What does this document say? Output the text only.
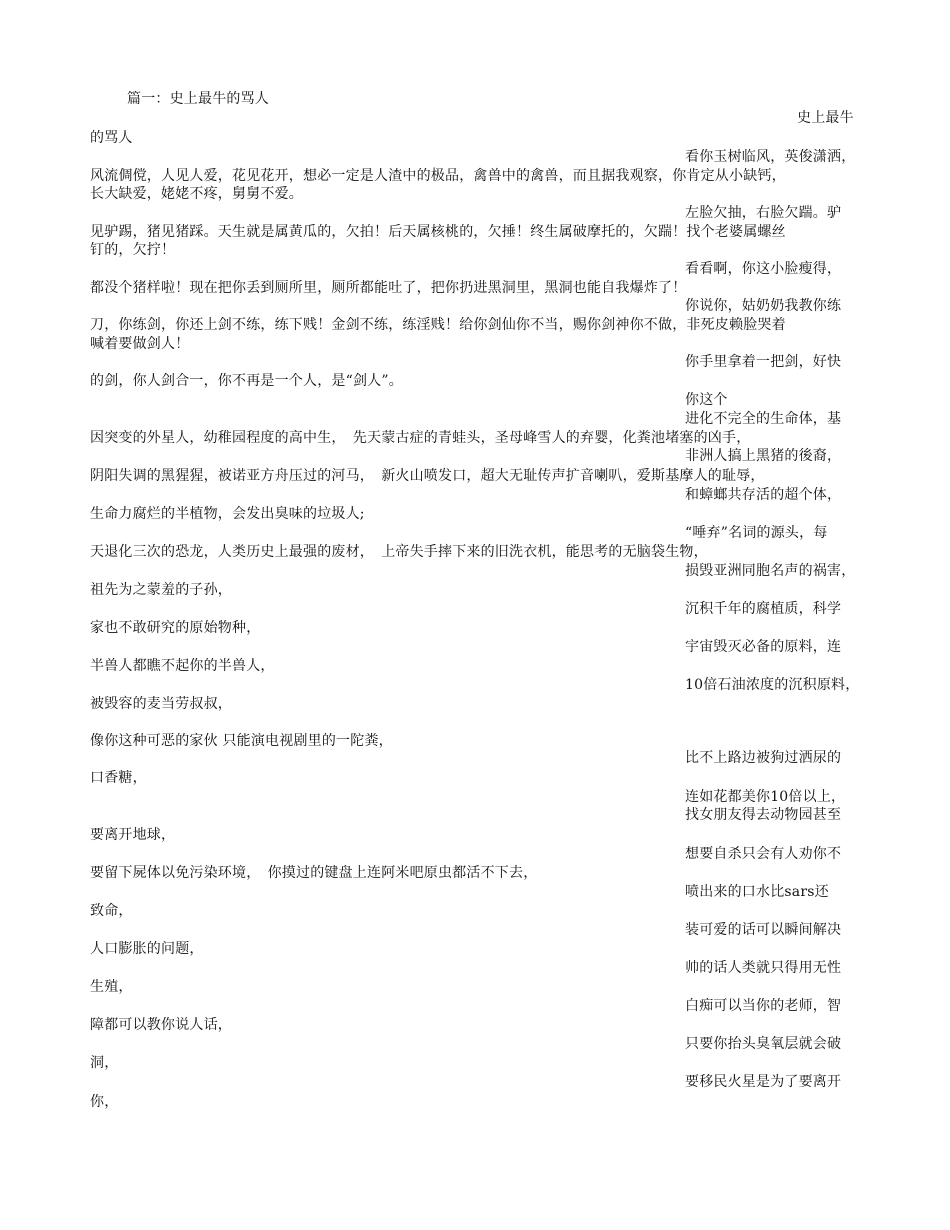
篇一：史上最牛的骂人
史上最牛
的骂人
看你玉树临风，英俊潇洒，
风流倜傥，人见人爱，花见花开，想必一定是人渣中的极品，禽兽中的禽兽，而且据我观察，你肯定从小缺钙，
长大缺爱，姥姥不疼，舅舅不爱。
左脸欠抽，右脸欠踹。驴
见驴踢，猪见猪踩。天生就是属黄瓜的，欠拍！后天属核桃的，欠捶！终生属破摩托的，欠踹！找个老婆属螺丝
钉的，欠拧！
看看啊，你这小脸瘦得，
都没个猪样啦！现在把你丢到厕所里，厕所都能吐了，把你扔进黑洞里，黑洞也能自我爆炸了！
你说你，姑奶奶我教你练
刀，你练剑，你还上剑不练，练下贱！金剑不练，练淫贱！给你剑仙你不当，赐你剑神你不做，非死皮赖脸哭着
喊着要做剑人！
你手里拿着一把剑，好快
的剑，你人剑合一，你不再是一个人，是“剑人”。
你这个
进化不完全的生命体，基
因突变的外星人，幼稚园程度的高中生，　先天蒙古症的青蛙头，圣母峰雪人的弃婴，化粪池堵塞的凶手，
非洲人搞上黑猪的後裔，
阴阳失调的黑猩猩，被诺亚方舟压过的河马，　新火山喷发口，超大无耻传声扩音喇叭，爱斯基摩人的耻辱，
和蟑螂共存活的超个体，
生命力腐烂的半植物，会发出臭味的垃圾人;
“唾弃”名词的源头，每
天退化三次的恐龙，人类历史上最强的废材，　上帝失手摔下来的旧洗衣机，能思考的无脑袋生物，
损毁亚洲同胞名声的祸害，
祖先为之蒙羞的子孙，
沉积千年的腐植质，科学
家也不敢研究的原始物种，
宇宙毁灭必备的原料，连
半兽人都瞧不起你的半兽人，
10倍石油浓度的沉积原料，
被毁容的麦当劳叔叔，
像你这种可恶的家伙 只能演电视剧里的一陀粪，
比不上路边被狗过洒尿的
口香糖，
连如花都美你10倍以上，
找女朋友得去动物园甚至
要离开地球，
想要自杀只会有人劝你不
要留下屍体以免污染环境，　你摸过的键盘上连阿米吧原虫都活不下去，
喷出来的口水比sars还
致命，
装可爱的话可以瞬间解决
人口膨胀的问题，
帅的话人类就只得用无性
生殖，
白痴可以当你的老师，智
障都可以教你说人话，
只要你抬头臭氧层就会破
洞，
要移民火星是为了要离开
你，
